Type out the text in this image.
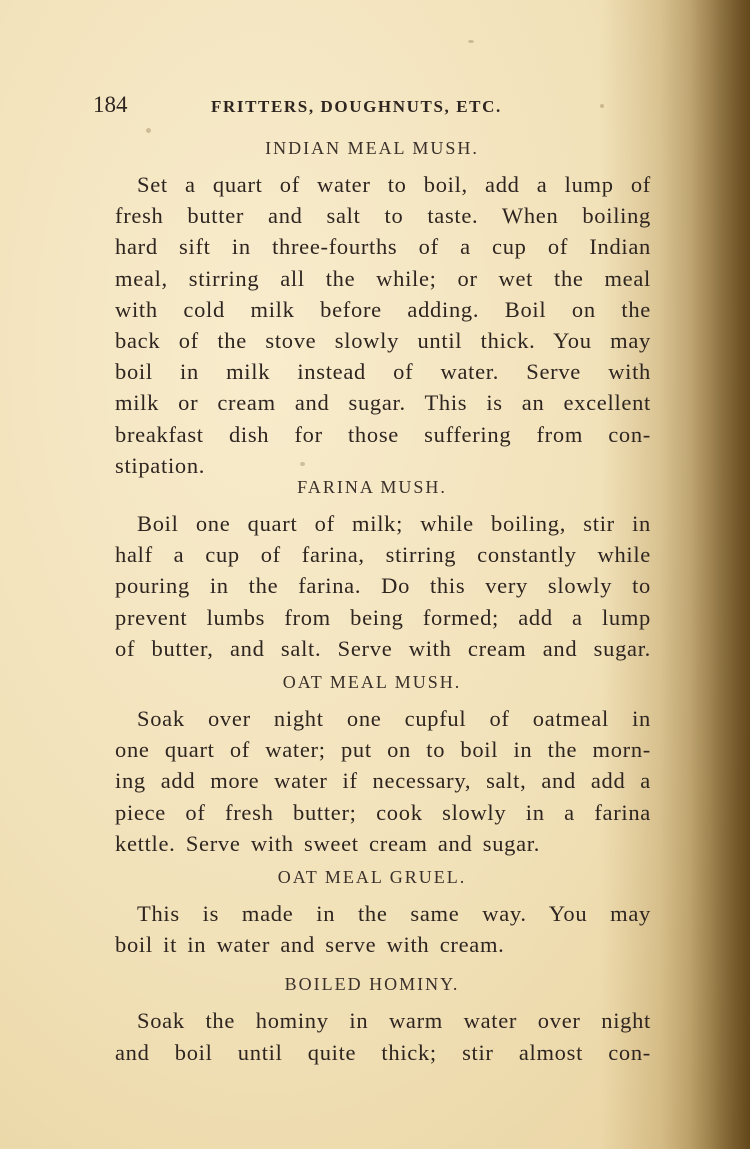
184	FRITTERS, DOUGHNUTS, ETC.
INDIAN MEAL MUSH.
Set a quart of water to boil, add a lump of
fresh butter and salt to taste. When boiling
hard sift in three-fourths of a cup of Indian
meal, stirring all the while; or wet the meal
with cold milk before adding. Boil on the
back of the stove slowly until thick. You may
boil in milk instead of water. Serve with
milk or cream and sugar. This is an excellent
breakfast dish for those suffering from con-
stipation.
FARINA MUSH.
Boil one quart of milk; while boiling, stir in
half a cup of farina, stirring constantly while
pouring in the farina. Do this very slowly to
prevent lumbs from being formed; add a lump
of butter, and salt. Serve with cream and sugar.
OAT MEAL MUSH.
Soak over night one cupful of oatmeal in
one quart of water; put on to boil in the morn-
ing add more water if necessary, salt, and add a
piece of fresh butter; cook slowly in a farina
kettle. Serve with sweet cream and sugar.
OAT MEAL GRUEL.
This is made in the same way. You may
boil it in water and serve with cream.
BOILED HOMINY.
Soak the hominy in warm water over night
and boil until quite thick; stir almost con-
